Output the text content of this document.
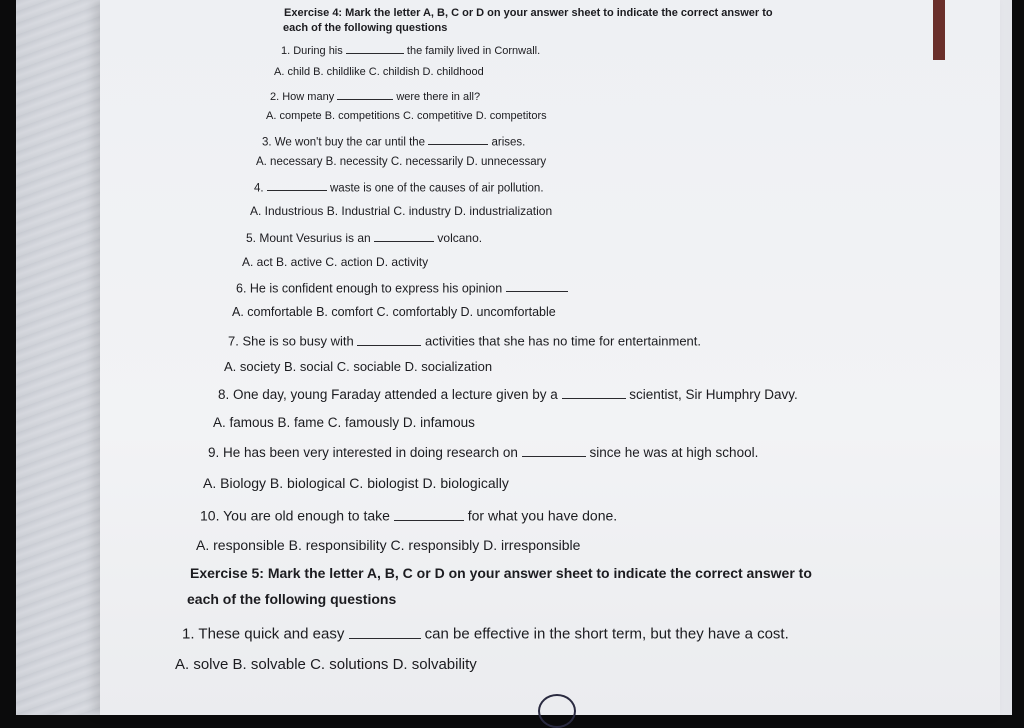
Exercise 4: Mark the letter A, B, C or D on your answer sheet to indicate the correct answer to

each of the following questions

1. During his	the family lived in Cornwall.

A. child B. childlike C. childish D. childhood

2. How many	were there in all?

A. compete B. competitions C. competitive D. competitors

3. We won't buy the car until the	arises.

A. necessary B. necessity C. necessarily D. unnecessary

4.	waste is one of the causes of air pollution.

A. Industrious B. Industrial C. industry D. industrialization

5. Mount Vesurius is an	volcano.

A. act B. active C. action D. activity

6. He is confident enough to express his opinion

A. comfortable B. comfort C. comfortably D. uncomfortable

7. She is so busy with	activities that she has no time for entertainment.

A. society B. social C. sociable D. socialization

8. One day, young Faraday attended a lecture given by a	scientist, Sir Humphry Davy.

A. famous B. fame C. famously D. infamous

9. He has been very interested in doing research on	since he was at high school.

A. Biology B. biological C. biologist D. biologically

10. You are old enough to take	for what you have done.

A. responsible B. responsibility C. responsibly D. irresponsible

Exercise 5: Mark the letter A, B, C or D on your answer sheet to indicate the correct answer to

each of the following questions

1. These quick and easy	can be effective in the short term, but they have a cost.

A. solve B. solvable C. solutions D. solvability
